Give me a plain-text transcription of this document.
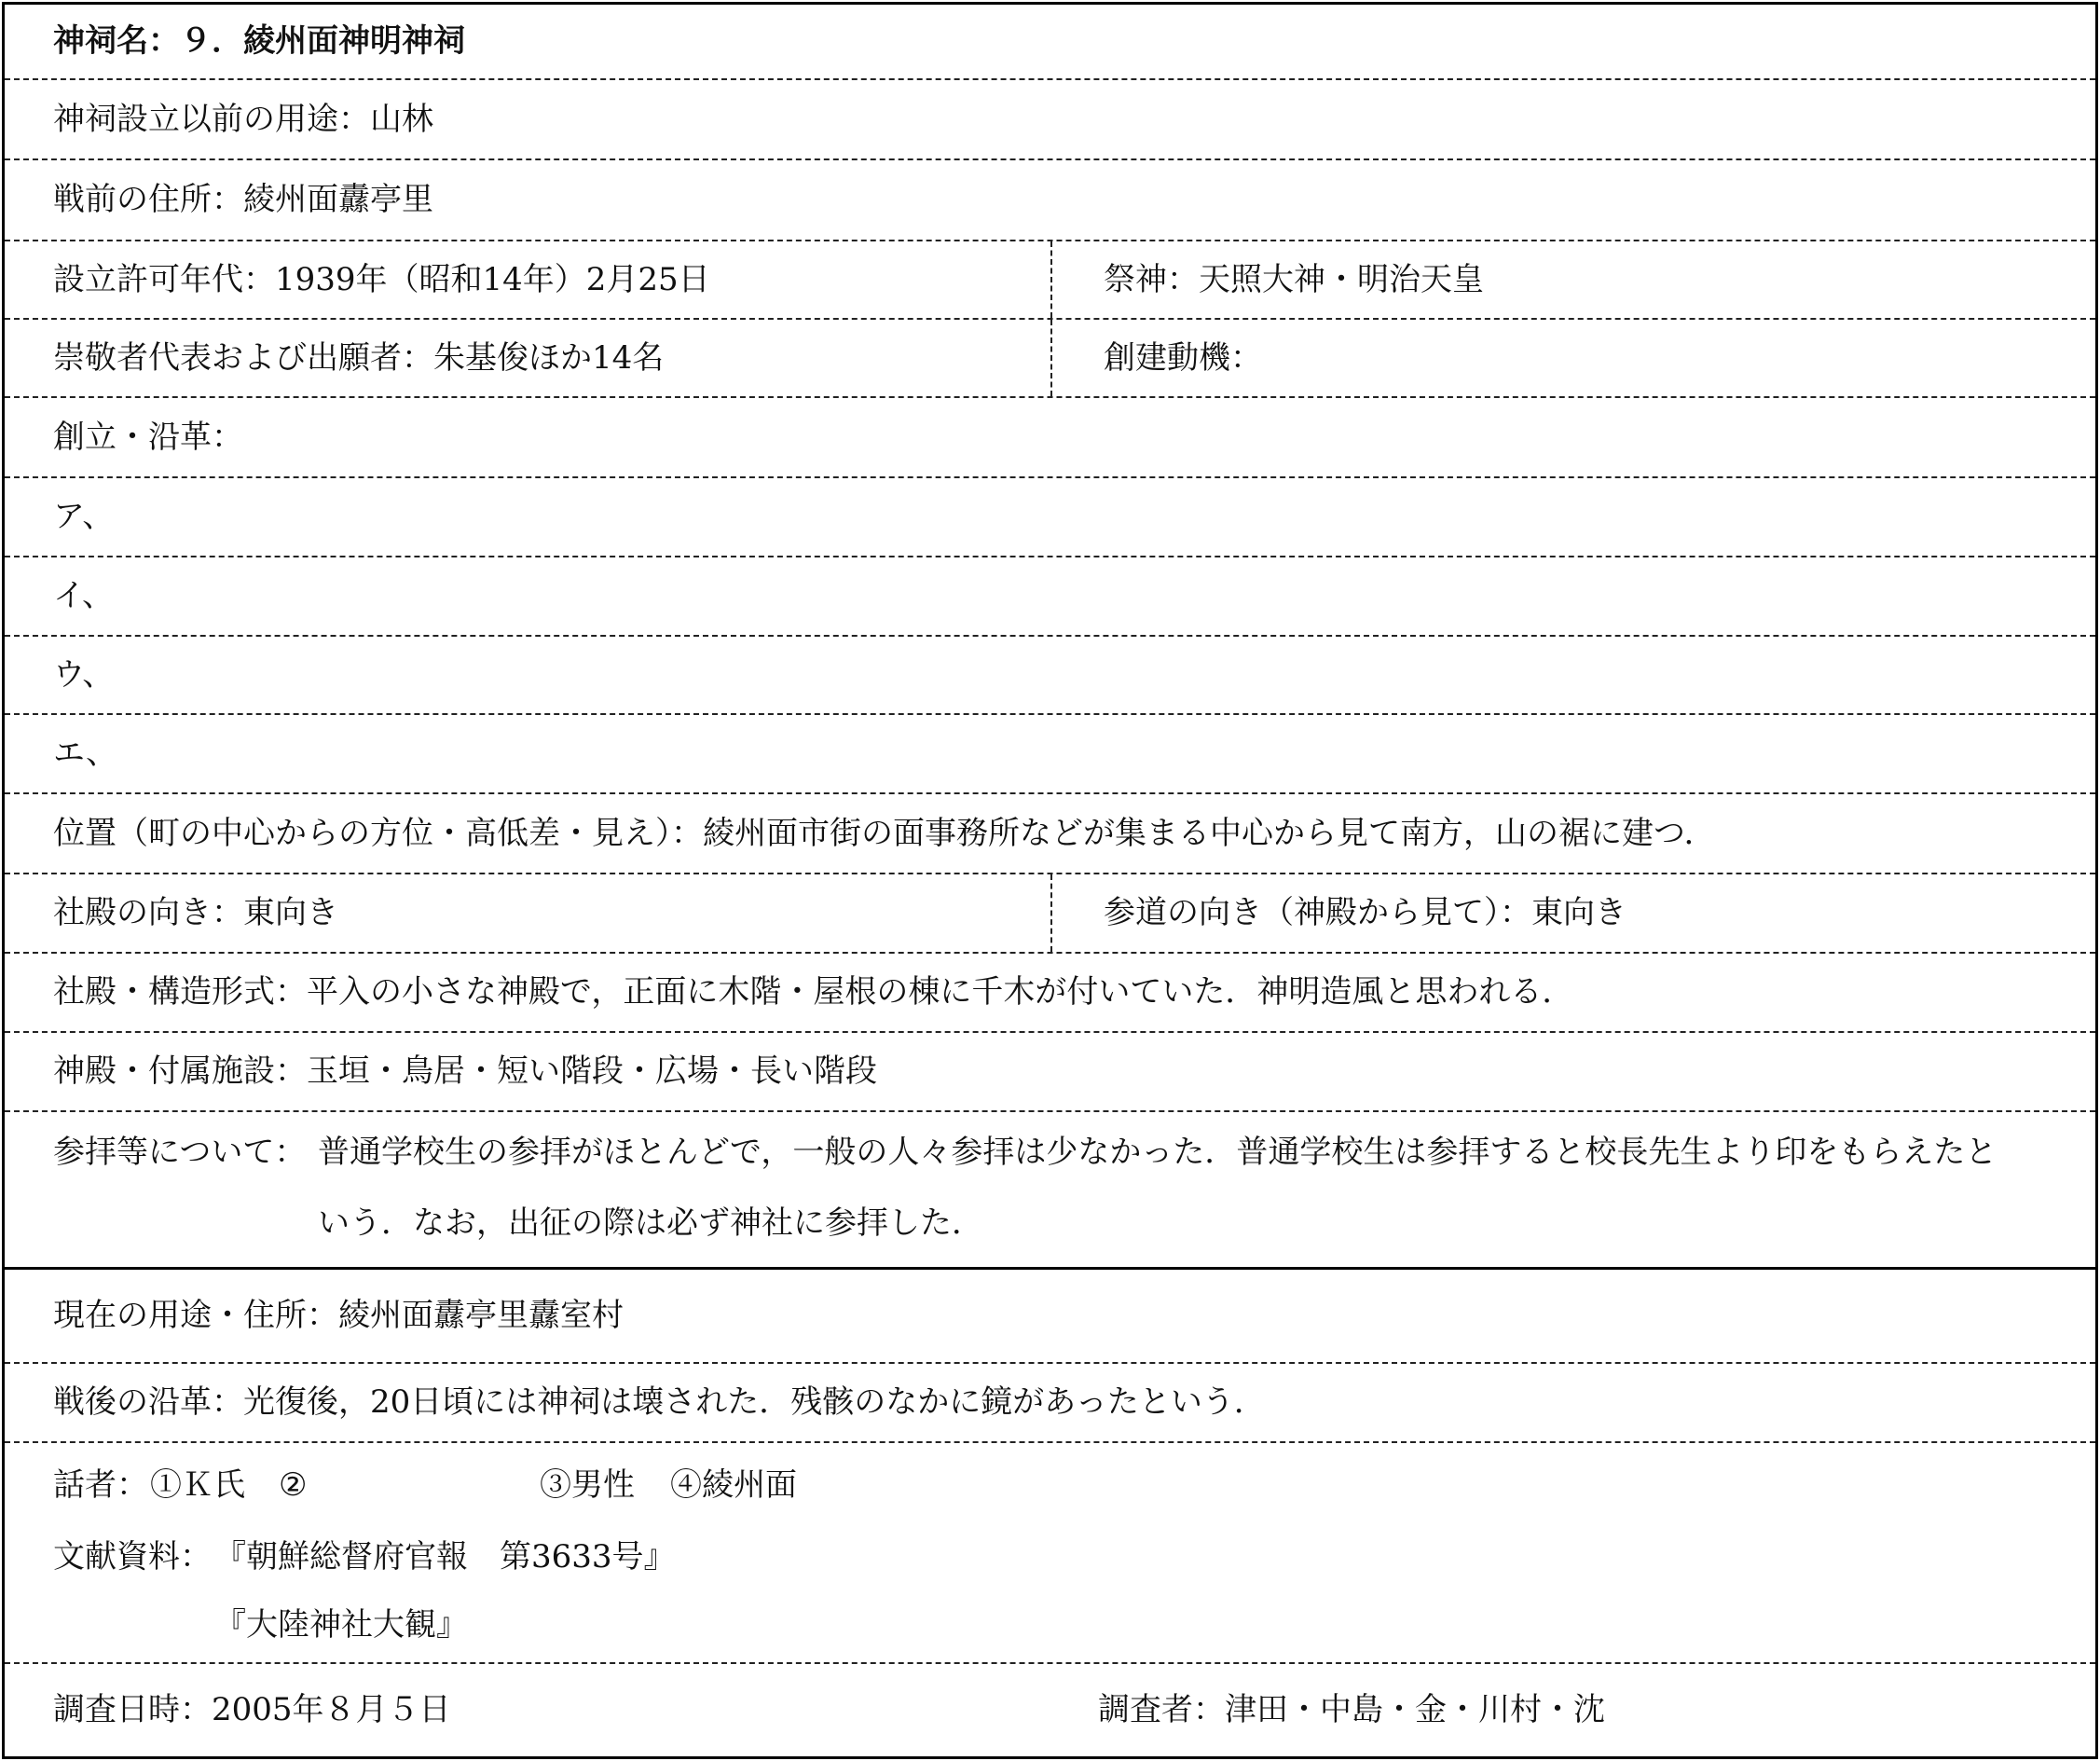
神祠名： ９．綾州面神明神祠
神祠設立以前の用途： 山林
戦前の住所： 綾州面纛亭里
設立許可年代： 1939年（昭和14年）2月25日	祭神： 天照大神・明治天皇
崇敬者代表および出願者： 朱基俊ほか14名	創建動機：
創立・沿革：
ア、
イ、
ウ、
エ、
位置（町の中心からの方位・高低差・見え）： 綾州面市街の面事務所などが集まる中心から見て南方，山の裾に建つ．
社殿の向き： 東向き	参道の向き（神殿から見て）： 東向き
社殿・構造形式： 平入の小さな神殿で，正面に木階・屋根の棟に千木が付いていた．神明造風と思われる．
神殿・付属施設： 玉垣・鳥居・短い階段・広場・長い階段
参拝等について： 普通学校生の参拝がほとんどで，一般の人々参拝は少なかった．普通学校生は参拝すると校長先生より印をもらえたと
いう．なお，出征の際は必ず神社に参拝した．
現在の用途・住所： 綾州面纛亭里纛室村
戦後の沿革： 光復後，20日頃には神祠は壊された．残骸のなかに鏡があったという．
話者： ①Ｋ氏 ②	③男性 ④綾州面
文献資料： 『朝鮮総督府官報　第3633号』
『大陸神社大観』
調査日時： 2005年８月５日	調査者： 津田・中島・金・川村・沈
